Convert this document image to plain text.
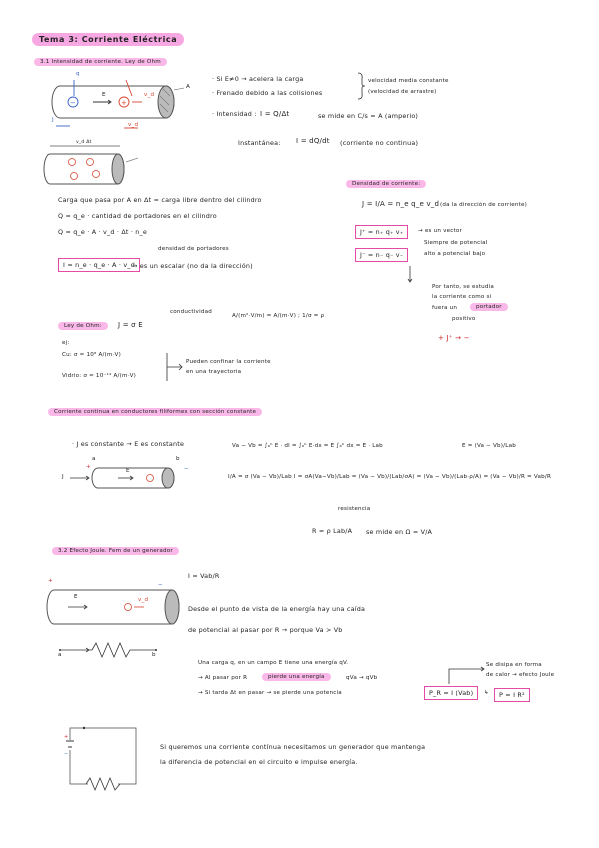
Tema 3: Corriente Eléctrica
3.1 Intensidad de corriente. Ley de Ohm
−	+
q
E	v_d
J
v_d
A
v_d Δt
· Si E≠0 → acelera la carga
· Frenado debido a las colisiones
velocidad media constante (velocidad de arrastre)
· Intensidad : I = Q/Δt	se mide en C/s = A (amperio)
Instantánea: I = dQ/dt (corriente no continua)
Carga que pasa por A en Δt = carga libre dentro del cilindro
Q = q_e · cantidad de portadores en el cilindro
Q = q_e · A · v_d · Δt · n_e
densidad de portadores
I = n_e · q_e · A · v_d
→ es un escalar (no da la dirección)
Densidad de corriente:
J = I/A = n_e q_e v_d (da la dirección de corriente)
J⁺ = n₊ q₊ v₊
J⁻ = n₋ q₋ v₋
→ es un vector
Siempre de potencial
alto a potencial bajo
Por tanto, se estudia
la corriente como si
fuera un	portador
positivo
+ J⁺ → −
Ley de Ohm:	J = σ E
conductividad
A/(m²·V/m) = A/(m·V) ; 1/σ = ρ
ej:
Cu: σ ≈ 10⁸ A/(m·V)
Vidrio: σ ≈ 10⁻¹⁴ A/(m·V)
Pueden confinar la corriente
en una trayectoria
Corriente continua en conductores filiformes con sección constante
· J es constante → E es constante
a	b
+	−
E
J
Va − Vb = ∫ₐᵇ E · dl = ∫ₐᵇ E·dx = E ∫ₐᵇ dx = E · Lab	E = (Va − Vb)/Lab
I/A = σ (Va − Vb)/Lab I = σA(Va−Vb)/Lab = (Va − Vb)/(Lab/σA) = (Va − Vb)/(Lab·ρ/A) = (Va − Vb)/R = Vab/R
resistencia
R = ρ Lab/A se mide en Ω = V/A
3.2 Efecto Joule. Fem de un generador
I = Vab/R
+
−
E	v_d
a	b
Desde el punto de vista de la energía hay una caída
de potencial al pasar por R → porque Va > Vb
Una carga q, en un campo E tiene una energía qV.
→ Al pasar por R	pierde una energía	qVa → qVb
→ Si tarda Δt en pasar → se pierde una potencia
Se disipa en forma
de calor → efecto Joule
P_R = I (Vab)	↳	P = I R²
+
−
Si queremos una corriente contínua necesitamos un generador que mantenga
la diferencia de potencial en el circuito e impulse energía.
